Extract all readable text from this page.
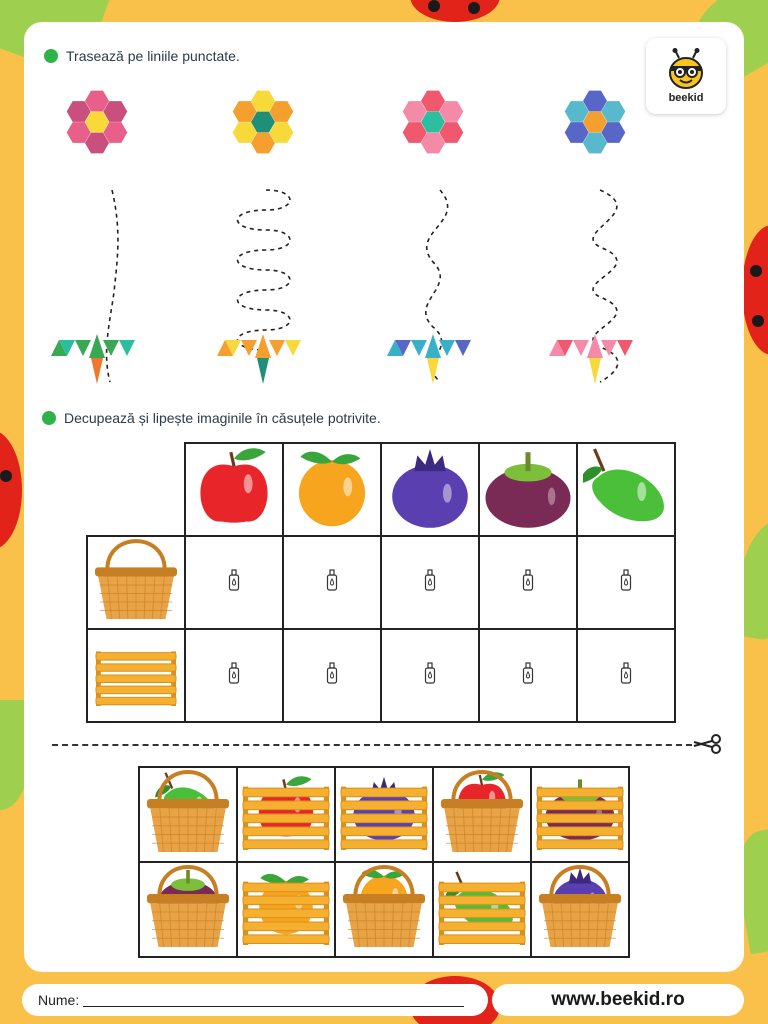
Trasează pe liniile punctate.
beekid
Decupează și lipește imaginile în căsuțele potrivite.

Nume:	www.beekid.ro
